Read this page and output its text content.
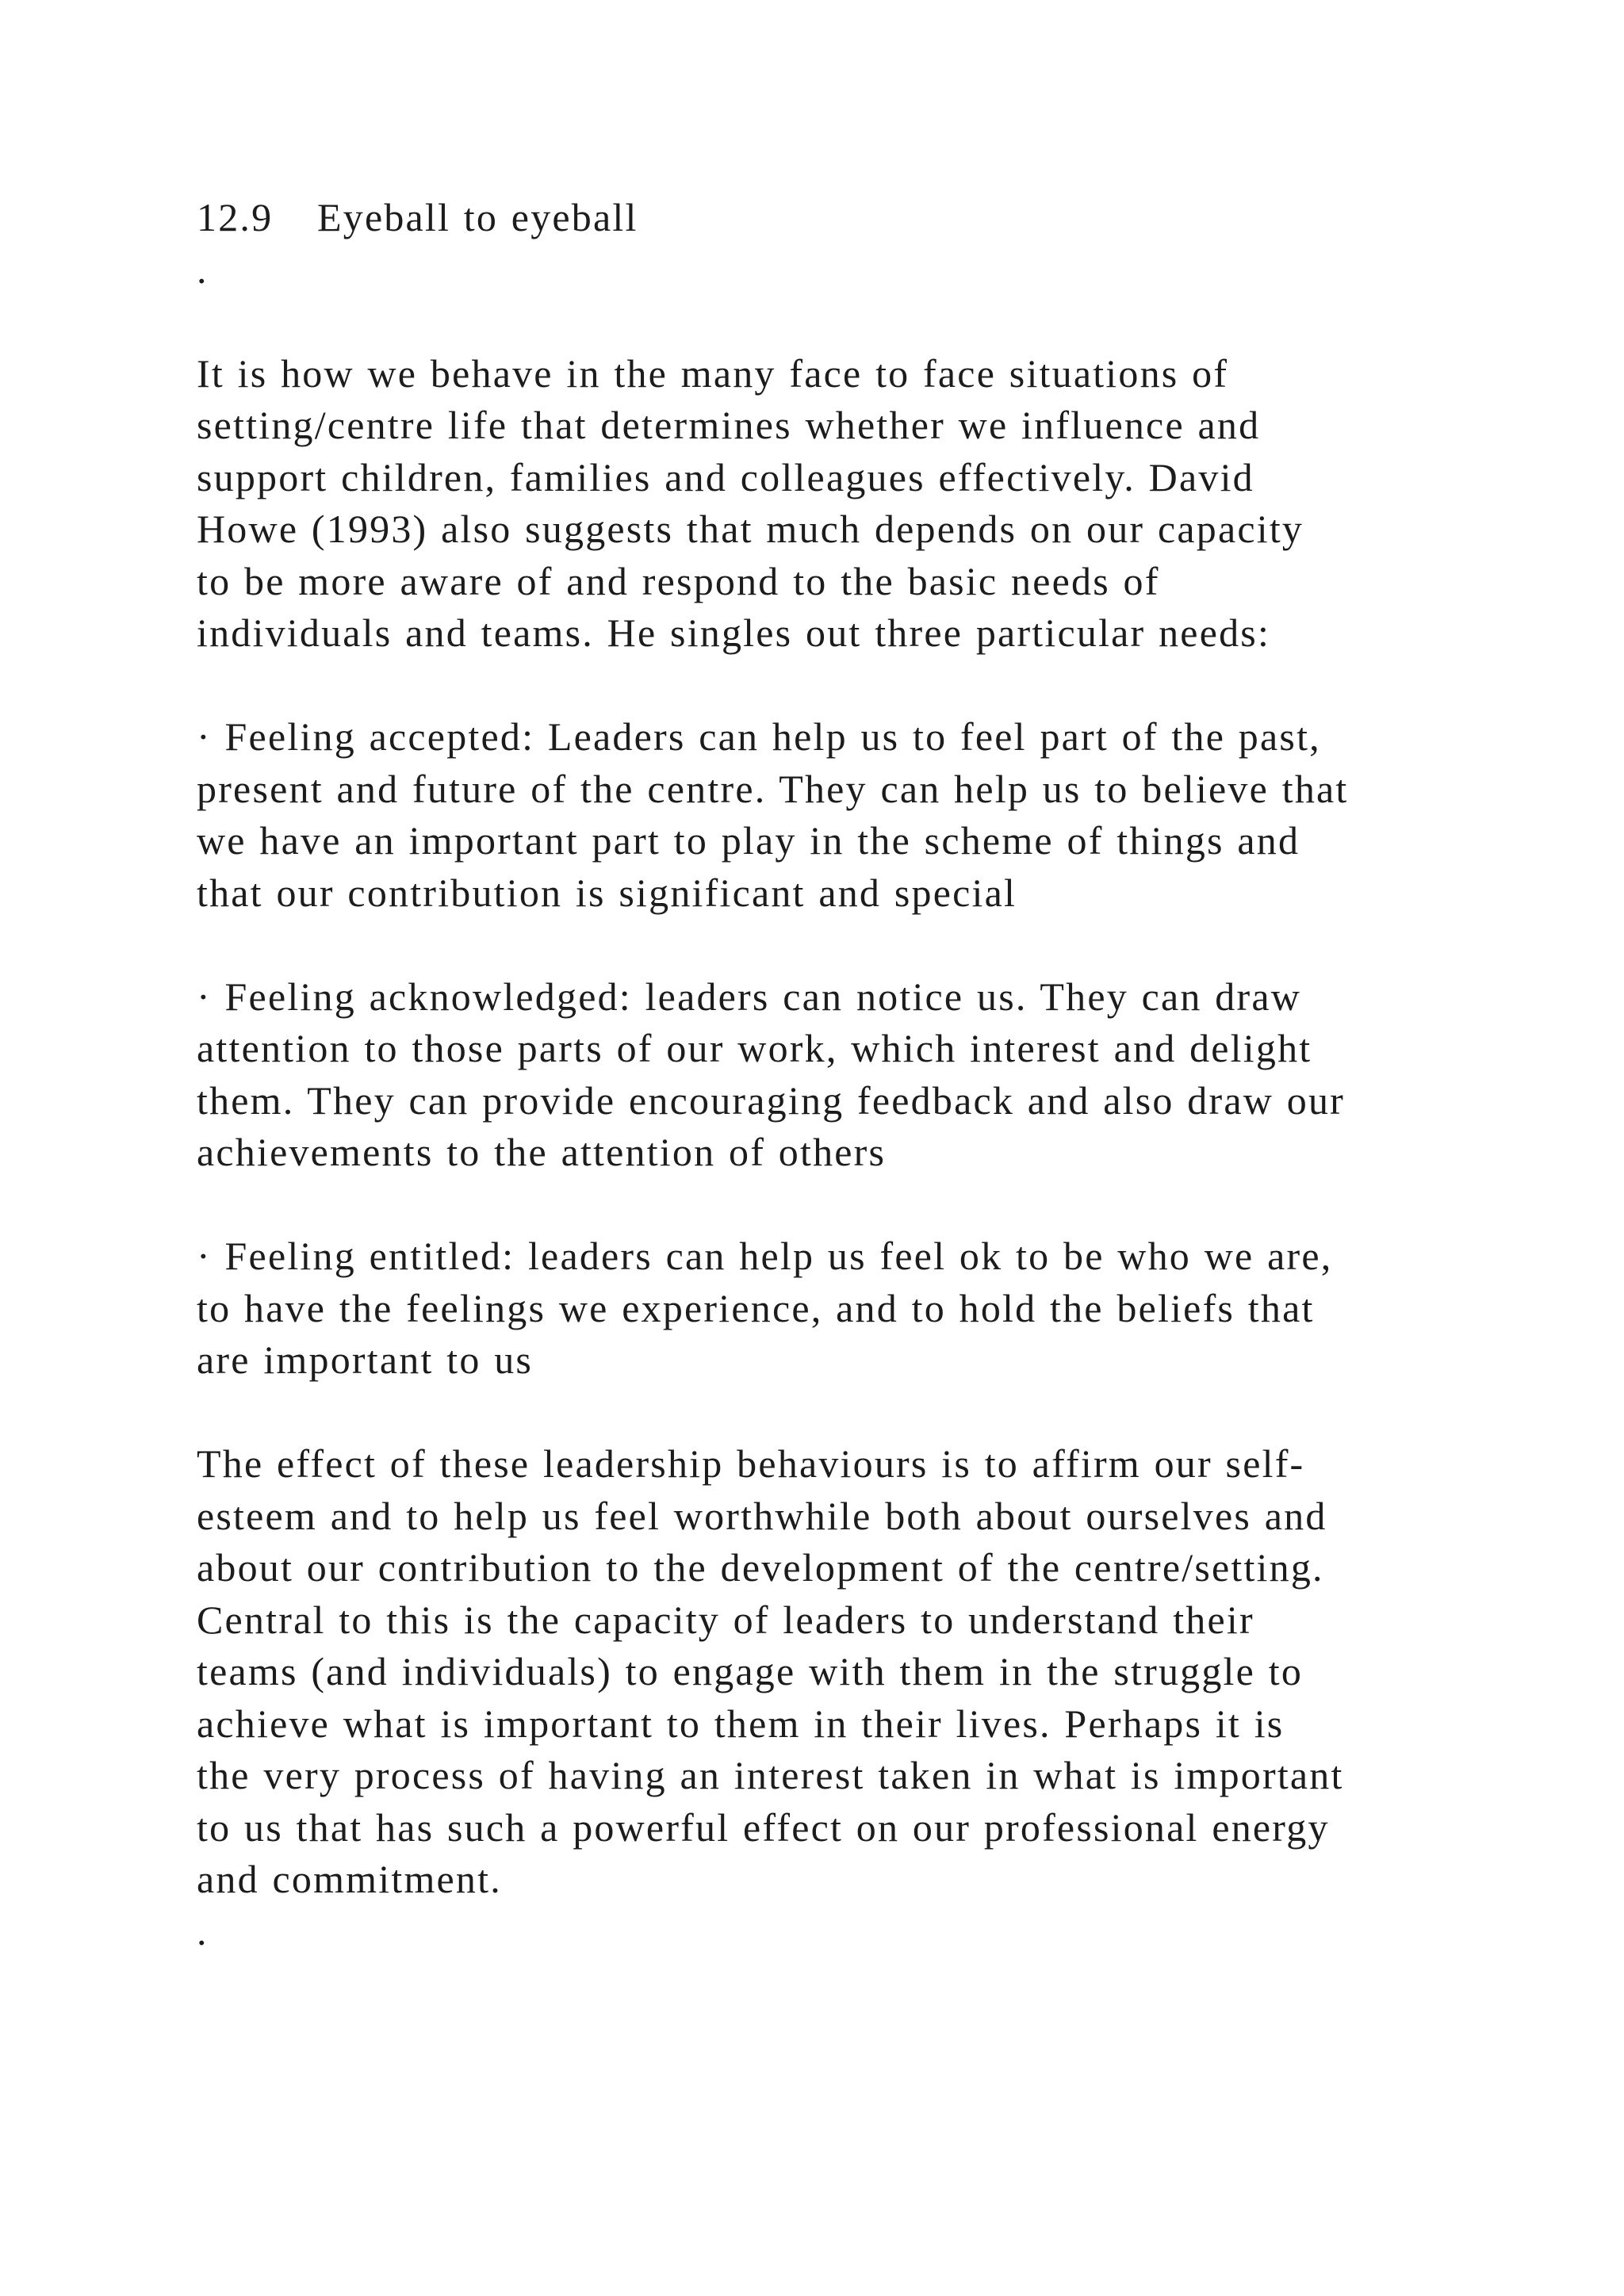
12.9 Eyeball to eyeball
.
It is how we behave in the many face to face situations of
setting/centre life that determines whether we influence and
support children, families and colleagues effectively. David
Howe (1993) also suggests that much depends on our capacity
to be more aware of and respond to the basic needs of
individuals and teams. He singles out three particular needs:
· Feeling accepted: Leaders can help us to feel part of the past,
present and future of the centre. They can help us to believe that
we have an important part to play in the scheme of things and
that our contribution is significant and special
· Feeling acknowledged: leaders can notice us. They can draw
attention to those parts of our work, which interest and delight
them. They can provide encouraging feedback and also draw our
achievements to the attention of others
· Feeling entitled: leaders can help us feel ok to be who we are,
to have the feelings we experience, and to hold the beliefs that
are important to us
The effect of these leadership behaviours is to affirm our self-
esteem and to help us feel worthwhile both about ourselves and
about our contribution to the development of the centre/setting.
Central to this is the capacity of leaders to understand their
teams (and individuals) to engage with them in the struggle to
achieve what is important to them in their lives. Perhaps it is
the very process of having an interest taken in what is important
to us that has such a powerful effect on our professional energy
and commitment.
.
